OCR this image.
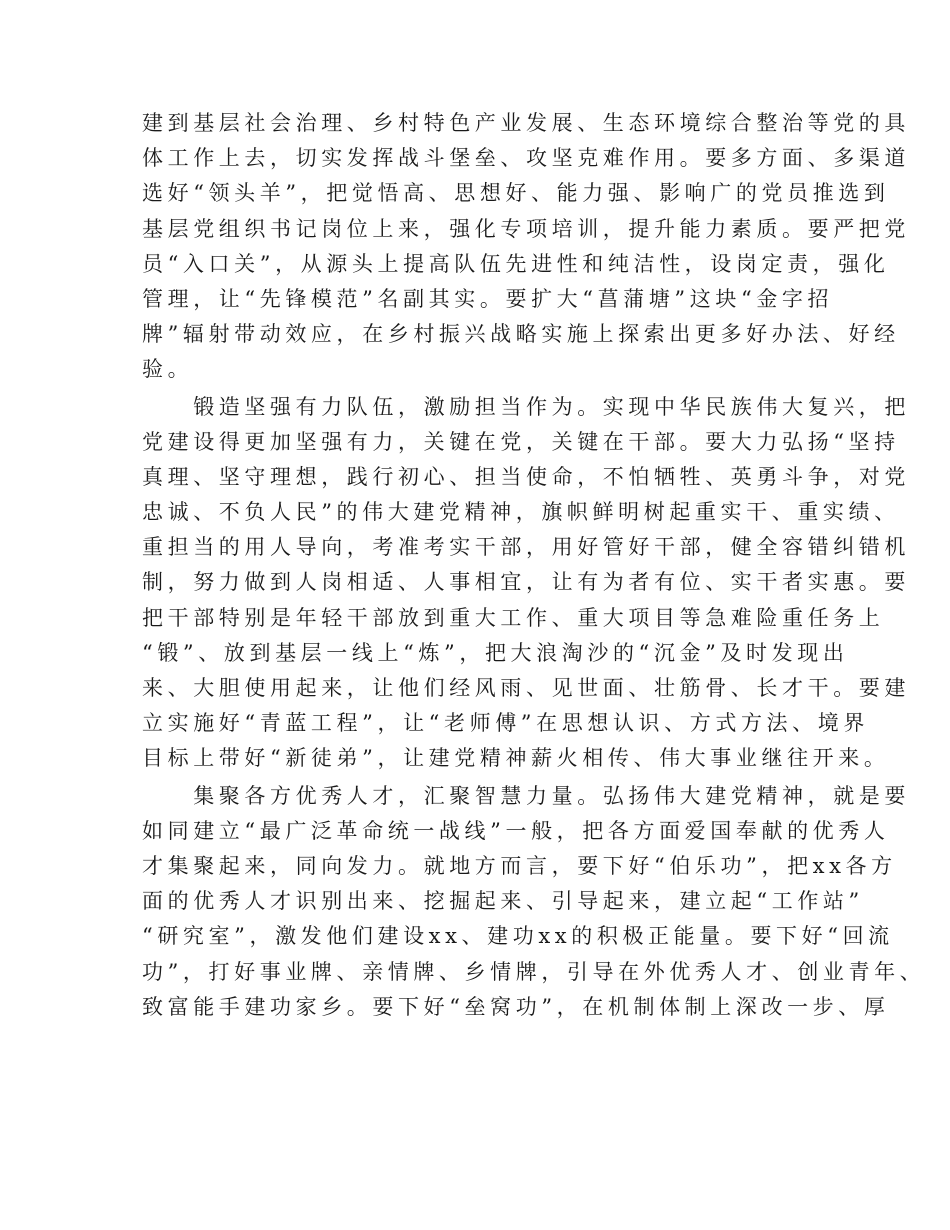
建到基层社会治理、乡村特色产业发展、生态环境综合整治等党的具
体工作上去，切实发挥战斗堡垒、攻坚克难作用。要多方面、多渠道
选好“领头羊”，把觉悟高、思想好、能力强、影响广的党员推选到
基层党组织书记岗位上来，强化专项培训，提升能力素质。要严把党
员“入口关”，从源头上提高队伍先进性和纯洁性，设岗定责，强化
管理，让“先锋模范”名副其实。要扩大“菖蒲塘”这块“金字招
牌”辐射带动效应，在乡村振兴战略实施上探索出更多好办法、好经
验。
　　锻造坚强有力队伍，激励担当作为。实现中华民族伟大复兴，把
党建设得更加坚强有力，关键在党，关键在干部。要大力弘扬“坚持
真理、坚守理想，践行初心、担当使命，不怕牺牲、英勇斗争，对党
忠诚、不负人民”的伟大建党精神，旗帜鲜明树起重实干、重实绩、
重担当的用人导向，考准考实干部，用好管好干部，健全容错纠错机
制，努力做到人岗相适、人事相宜，让有为者有位、实干者实惠。要
把干部特别是年轻干部放到重大工作、重大项目等急难险重任务上
“锻”、放到基层一线上“炼”，把大浪淘沙的“沉金”及时发现出
来、大胆使用起来，让他们经风雨、见世面、壮筋骨、长才干。要建
立实施好“青蓝工程”，让“老师傅”在思想认识、方式方法、境界
目标上带好“新徒弟”，让建党精神薪火相传、伟大事业继往开来。
　　集聚各方优秀人才，汇聚智慧力量。弘扬伟大建党精神，就是要
如同建立“最广泛革命统一战线”一般，把各方面爱国奉献的优秀人
才集聚起来，同向发力。就地方而言，要下好“伯乐功”，把xx各方
面的优秀人才识别出来、挖掘起来、引导起来，建立起“工作站”
“研究室”，激发他们建设xx、建功xx的积极正能量。要下好“回流
功”，打好事业牌、亲情牌、乡情牌，引导在外优秀人才、创业青年、
致富能手建功家乡。要下好“垒窝功”，在机制体制上深改一步、厚
